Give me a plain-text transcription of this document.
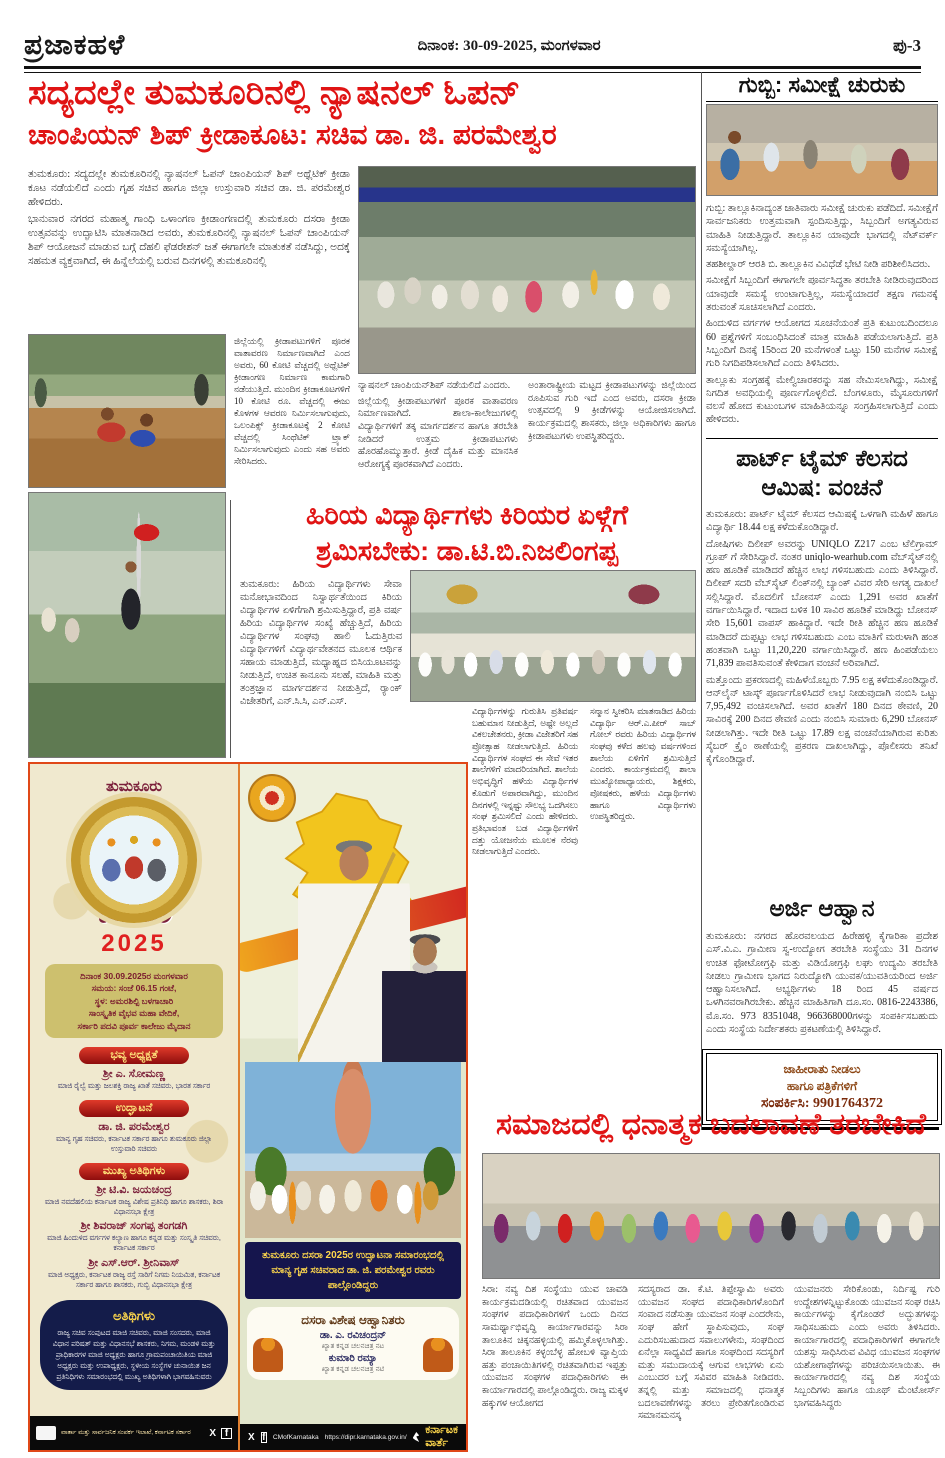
ಪ್ರಜಾಕಹಳೆ	ದಿನಾಂಕ: 30-09-2025, ಮಂಗಳವಾರ	ಪು-3
ಸದ್ಯದಲ್ಲೇ ತುಮಕೂರಿನಲ್ಲಿ ನ್ಯಾಷನಲ್ ಓಪನ್
ಚಾಂಪಿಯನ್ ಶಿಪ್ ಕ್ರೀಡಾಕೂಟ: ಸಚಿವ ಡಾ. ಜಿ. ಪರಮೇಶ್ವರ

ತುಮಕೂರು: ಸದ್ಯದಲ್ಲೇ ತುಮಕೂರಿನಲ್ಲಿ ನ್ಯಾಷನಲ್ ಓಪನ್ ಚಾಂಪಿಯನ್ ಶಿಪ್ ಅಥ್ಲೆಟಿಕ್ ಕ್ರೀಡಾ ಕೂಟ ನಡೆಯಲಿದೆ ಎಂದು ಗೃಹ ಸಚಿವ ಹಾಗೂ ಜಿಲ್ಲಾ ಉಸ್ತುವಾರಿ ಸಚಿವ ಡಾ. ಜಿ. ಪರಮೇಶ್ವರ ಹೇಳಿದರು.

ಭಾನುವಾರ ನಗರದ ಮಹಾತ್ಮ ಗಾಂಧಿ ಒಳಾಂಗಣ ಕ್ರೀಡಾಂಗಣದಲ್ಲಿ ತುಮಕೂರು ದಸರಾ ಕ್ರೀಡಾ ಉತ್ಸವವನ್ನು ಉದ್ಘಾಟಿಸಿ ಮಾತನಾಡಿದ ಅವರು, ತುಮಕೂರಿನಲ್ಲಿ ನ್ಯಾಷನಲ್ ಓಪನ್ ಚಾಂಪಿಯನ್ ಶಿಪ್ ಆಯೋಜನೆ ಮಾಡುವ ಬಗ್ಗೆ ದೆಹಲಿ ಫೆಡರೇಶನ್ ಜತೆ ಈಗಾಗಲೇ ಮಾತುಕತೆ ನಡೆಸಿದ್ದು, ಅದಕ್ಕೆ ಸಹಮತ ವ್ಯಕ್ತವಾಗಿದೆ, ಈ ಹಿನ್ನೆಲೆಯಲ್ಲಿ ಬರುವ ದಿನಗಳಲ್ಲಿ ತುಮಕೂರಿನಲ್ಲಿ

ನ್ಯಾಷನಲ್ ಚಾಂಪಿಯನ್‌ಶಿಪ್ ನಡೆಯಲಿದೆ ಎಂದರು.

ಜಿಲ್ಲೆಯಲ್ಲಿ ಕ್ರೀಡಾಪಟುಗಳಿಗೆ ಪೂರಕ ವಾತಾವರಣ ನಿರ್ಮಾಣವಾಗಿದೆ. ಶಾಲಾ-ಕಾಲೇಜುಗಳಲ್ಲಿ ವಿದ್ಯಾರ್ಥಿಗಳಿಗೆ ತಕ್ಕ ಮಾರ್ಗದರ್ಶನ ಹಾಗೂ ತರಬೇತಿ ನೀಡಿದರೆ ಉತ್ತಮ ಕ್ರೀಡಾಪಟುಗಳು ಹೊರಹೊಮ್ಮುತ್ತಾರೆ. ಕ್ರೀಡೆ ದೈಹಿಕ ಮತ್ತು ಮಾನಸಿಕ ಆರೋಗ್ಯಕ್ಕೆ ಪೂರಕವಾಗಿದೆ ಎಂದರು.

ಅಂತಾರಾಷ್ಟ್ರೀಯ ಮಟ್ಟದ ಕ್ರೀಡಾಪಟುಗಳನ್ನು ಜಿಲ್ಲೆಯಿಂದ ರೂಪಿಸುವ ಗುರಿ ಇದೆ ಎಂದ ಅವರು, ದಸರಾ ಕ್ರೀಡಾ ಉತ್ಸವದಲ್ಲಿ 9 ಕ್ರೀಡೆಗಳನ್ನು ಆಯೋಜಿಸಲಾಗಿದೆ. ಕಾರ್ಯಕ್ರಮದಲ್ಲಿ ಶಾಸಕರು, ಜಿಲ್ಲಾ ಅಧಿಕಾರಿಗಳು ಹಾಗೂ ಕ್ರೀಡಾಪಟುಗಳು ಉಪಸ್ಥಿತರಿದ್ದರು.

ಜಿಲ್ಲೆಯಲ್ಲಿ ಕ್ರೀಡಾಪಟುಗಳಿಗೆ ಪೂರಕ ವಾತಾವರಣ ನಿರ್ಮಾಣವಾಗಿದೆ ಎಂದ ಅವರು, 60 ಕೋಟಿ ವೆಚ್ಚದಲ್ಲಿ ಅಥ್ಲೆಟಿಕ್ ಕ್ರೀಡಾಂಗಣ ನಿರ್ಮಾಣ ಕಾಮಗಾರಿ ನಡೆಯುತ್ತಿದೆ. ಮುಂದಿನ ಕ್ರೀಡಾಕೂಟಗಳಿಗೆ 10 ಕೋಟಿ ರೂ. ವೆಚ್ಚದಲ್ಲಿ ಈಜು ಕೊಳಗಳ ಆವರಣ ನಿರ್ಮಿಸಲಾಗುವುದು, ಒಲಂಪಿಕ್ಸ್ ಕ್ರೀಡಾಕೂಟಕ್ಕೆ 2 ಕೋಟಿ ವೆಚ್ಚದಲ್ಲಿ ಸಿಂಥೆಟಿಕ್ ಟ್ರ್ಯಾಕ್ ನಿರ್ಮಿಸಲಾಗುವುದು ಎಂದು ಸಹ ಅವರು ಸೇರಿಸಿದರು.

ಹಿರಿಯ ವಿದ್ಯಾರ್ಥಿಗಳು ಕಿರಿಯರ ಏಳ್ಗೆಗೆ
ಶ್ರಮಿಸಬೇಕು: ಡಾ.ಟಿ.ಬಿ.ನಿಜಲಿಂಗಪ್ಪ

ತುಮಕೂರು: ಹಿರಿಯ ವಿದ್ಯಾರ್ಥಿಗಳು ಸೇವಾ ಮನೋಭಾವದಿಂದ ನಿಸ್ವಾರ್ಥತೆಯಿಂದ ಕಿರಿಯ ವಿದ್ಯಾರ್ಥಿಗಳ ಏಳಿಗೆಗಾಗಿ ಶ್ರಮಿಸುತ್ತಿದ್ದಾರೆ, ಪ್ರತಿ ವರ್ಷ ಹಿರಿಯ ವಿದ್ಯಾರ್ಥಿಗಳ ಸಂಖ್ಯೆ ಹೆಚ್ಚುತ್ತಿದೆ, ಹಿರಿಯ ವಿದ್ಯಾರ್ಥಿಗಳ ಸಂಘವು ಹಾಲಿ ಓದುತ್ತಿರುವ ವಿದ್ಯಾರ್ಥಿಗಳಿಗೆ ವಿದ್ಯಾರ್ಥವೇತನದ ಮೂಲಕ ಆರ್ಥಿಕ ಸಹಾಯ ಮಾಡುತ್ತಿದೆ, ಮಧ್ಯಾಹ್ನದ ಬಿಸಿಯೂಟವನ್ನು ನೀಡುತ್ತಿದೆ, ಉಚಿತ ಕಾನೂನು ಸಲಹೆ, ಮಾಹಿತಿ ಮತ್ತು ತಂತ್ರಜ್ಞಾನ ಮಾರ್ಗದರ್ಶನ ನೀಡುತ್ತಿದೆ, ರ‍್ಯಾಂಕ್ ವಿಜೇತರಿಗೆ, ಎನ್.ಸಿ.ಸಿ, ಎನ್.ಎಸ್.

ವಿದ್ಯಾರ್ಥಿಗಳನ್ನು ಗುರುತಿಸಿ ಪ್ರತಿವರ್ಷ ಬಹುಮಾನ ನೀಡುತ್ತಿದೆ, ಅಷ್ಟೇ ಅಲ್ಲದೆ ವಿಕಲಚೇತನರು, ಕ್ರೀಡಾ ವಿಜೇತರಿಗೆ ಸಹ ಪ್ರೋತ್ಸಾಹ ನೀಡಲಾಗುತ್ತಿದೆ. ಹಿರಿಯ ವಿದ್ಯಾರ್ಥಿಗಳ ಸಂಘದ ಈ ಸೇವೆ ಇತರ ಶಾಲೆಗಳಿಗೆ ಮಾದರಿಯಾಗಿದೆ. ಶಾಲೆಯ ಅಭಿವೃದ್ಧಿಗೆ ಹಳೆಯ ವಿದ್ಯಾರ್ಥಿಗಳ ಕೊಡುಗೆ ಅಪಾರವಾಗಿದ್ದು, ಮುಂದಿನ ದಿನಗಳಲ್ಲಿ ಇನ್ನಷ್ಟು ಸೌಲಭ್ಯ ಒದಗಿಸಲು ಸಂಘ ಶ್ರಮಿಸಲಿದೆ ಎಂದು ಹೇಳಿದರು. ಪ್ರತಿಭಾವಂತ ಬಡ ವಿದ್ಯಾರ್ಥಿಗಳಿಗೆ ದತ್ತು ಯೋಜನೆಯ ಮೂಲಕ ನೆರವು ನೀಡಲಾಗುತ್ತಿದೆ ಎಂದರು.

ಸನ್ಮಾನ ಸ್ವೀಕರಿಸಿ ಮಾತನಾಡಿದ ಹಿರಿಯ ವಿದ್ಯಾರ್ಥಿ ಆರ್.ಎ.ಪೀರ್ ಸಾಬ್ ಗೋಲ್ ರವರು ಹಿರಿಯ ವಿದ್ಯಾರ್ಥಿಗಳ ಸಂಘವು ಕಳೆದ ಹಲವು ವರ್ಷಗಳಿಂದ ಶಾಲೆಯ ಏಳಿಗೆಗೆ ಶ್ರಮಿಸುತ್ತಿದೆ ಎಂದರು. ಕಾರ್ಯಕ್ರಮದಲ್ಲಿ ಶಾಲಾ ಮುಖ್ಯೋಪಾಧ್ಯಾಯರು, ಶಿಕ್ಷಕರು, ಪೋಷಕರು, ಹಳೆಯ ವಿದ್ಯಾರ್ಥಿಗಳು ಹಾಗೂ ವಿದ್ಯಾರ್ಥಿಗಳು ಉಪಸ್ಥಿತರಿದ್ದರು.

ಗುಬ್ಬಿ: ಸಮೀಕ್ಷೆ ಚುರುಕು

ಗುಬ್ಬಿ: ತಾಲ್ಲೂಕಿನಾದ್ಯಂತ ಜಾತಿವಾರು ಸಮೀಕ್ಷೆ ಚುರುಕು ಪಡೆದಿದೆ. ಸಮೀಕ್ಷೆಗೆ ಸಾರ್ವಜನಿಕರು ಉತ್ತಮವಾಗಿ ಸ್ಪಂದಿಸುತ್ತಿದ್ದು, ಸಿಬ್ಬಂದಿಗೆ ಅಗತ್ಯವಿರುವ ಮಾಹಿತಿ ನೀಡುತ್ತಿದ್ದಾರೆ. ತಾಲ್ಲೂಕಿನ ಯಾವುದೇ ಭಾಗದಲ್ಲಿ ನೆಟ್‌ವರ್ಕ್ ಸಮಸ್ಯೆಯಾಗಿಲ್ಲ.

ತಹಶೀಲ್ದಾರ್ ಆರತಿ ಬಿ. ತಾಲ್ಲೂಕಿನ ವಿವಿಧೆಡೆ ಭೇಟಿ ನೀಡಿ ಪರಿಶೀಲಿಸಿದರು.

ಸಮೀಕ್ಷೆಗೆ ಸಿಬ್ಬಂದಿಗೆ ಈಗಾಗಲೇ ಪೂರ್ವಸಿದ್ಧತಾ ತರಬೇತಿ ನೀಡಿರುವುದರಿಂದ ಯಾವುದೇ ಸಮಸ್ಯೆ ಉಂಟಾಗುತ್ತಿಲ್ಲ, ಸಮಸ್ಯೆಯಾದರೆ ತಕ್ಷಣ ಗಮನಕ್ಕೆ ತರುವಂತೆ ಸೂಚಿಸಲಾಗಿದೆ ಎಂದರು.

ಹಿಂದುಳಿದ ವರ್ಗಗಳ ಆಯೋಗದ ಸೂಚನೆಯಂತೆ ಪ್ರತಿ ಕುಟುಂಬದಿಂದಲೂ 60 ಪ್ರಶ್ನೆಗಳಿಗೆ ಸಂಬಂಧಿಸಿದಂತೆ ಮಾತ್ರ ಮಾಹಿತಿ ಪಡೆಯಲಾಗುತ್ತಿದೆ. ಪ್ರತಿ ಸಿಬ್ಬಂದಿಗೆ ದಿನಕ್ಕೆ 15ರಿಂದ 20 ಮನೆಗಳಂತೆ ಒಟ್ಟು 150 ಮನೆಗಳ ಸಮೀಕ್ಷೆ ಗುರಿ ನಿಗದಿಪಡಿಸಲಾಗಿದೆ ಎಂದು ತಿಳಿಸಿದರು.

ತಾಲ್ಲೂಕು ಸಂಗ್ರಹಕ್ಕೆ ಮೇಲ್ವಿಚಾರಕರನ್ನು ಸಹ ನೇಮಿಸಲಾಗಿದ್ದು, ಸಮೀಕ್ಷೆ ನಿಗದಿತ ಅವಧಿಯಲ್ಲಿ ಪೂರ್ಣಗೊಳ್ಳಲಿದೆ. ಬೆಂಗಳೂರು, ಮೈಸೂರುಗಳಿಗೆ ವಲಸೆ ಹೋದ ಕುಟುಂಬಗಳ ಮಾಹಿತಿಯನ್ನೂ ಸಂಗ್ರಹಿಸಲಾಗುತ್ತಿದೆ ಎಂದು ಹೇಳಿದರು.

ಪಾರ್ಟ್ ಟೈಮ್ ಕೆಲಸದ
ಆಮಿಷ: ವಂಚನೆ

ತುಮಕೂರು: ಪಾರ್ಟ್ ಟೈಮ್ ಕೆಲಸದ ಆಮಿಷಕ್ಕೆ ಒಳಗಾಗಿ ಮಹಿಳೆ ಹಾಗೂ ವಿದ್ಯಾರ್ಥಿ 18.44 ಲಕ್ಷ ಕಳೆದುಕೊಂಡಿದ್ದಾರೆ.

ದೋಷಿಗಳು ದಿಲೀಪ್ ಅವರನ್ನು UNIQLO Z217 ಎಂಬ ಟೆಲಿಗ್ರಾಮ್ ಗ್ರೂಪ್ ಗೆ ಸೇರಿಸಿದ್ದಾರೆ. ನಂತರ uniqlo-wearhub.com ವೆಬ್‌ಸೈಟ್‌ನಲ್ಲಿ ಹಣ ಹೂಡಿಕೆ ಮಾಡಿದರೆ ಹೆಚ್ಚಿನ ಲಾಭ ಗಳಿಸಬಹುದು ಎಂದು ತಿಳಿಸಿದ್ದಾರೆ. ದಿಲೀಪ್ ಸದರಿ ವೆಬ್‌ಸೈಟ್ ಲಿಂಕ್‌ನಲ್ಲಿ ಬ್ಯಾಂಕ್ ವಿವರ ಸೇರಿ ಅಗತ್ಯ ದಾಖಲೆ ಸಲ್ಲಿಸಿದ್ದಾರೆ. ಮೊದಲಿಗೆ ಬೋನಸ್ ಎಂದು 1,291 ಅವರ ಖಾತೆಗೆ ವರ್ಗಾಯಿಸಿದ್ದಾರೆ. ಇದಾದ ಬಳಿಕ 10 ಸಾವಿರ ಹೂಡಿಕೆ ಮಾಡಿದ್ದು ಬೋನಸ್ ಸೇರಿ 15,601 ವಾಪಸ್ ಹಾಕಿದ್ದಾರೆ. ಇದೇ ರೀತಿ ಹೆಚ್ಚಿನ ಹಣ ಹೂಡಿಕೆ ಮಾಡಿದರೆ ದುಪ್ಪಟ್ಟು ಲಾಭ ಗಳಿಸಬಹುದು ಎಂಬ ಮಾತಿಗೆ ಮರುಳಾಗಿ ಹಂತ ಹಂತವಾಗಿ ಒಟ್ಟು 11,20,220 ವರ್ಗಾಯಿಸಿದ್ದಾರೆ. ಹಣ ಹಿಂಪಡೆಯಲು 71,839 ಪಾವತಿಸುವಂತೆ ಕೇಳಿದಾಗ ವಂಚನೆ ಅರಿವಾಗಿದೆ.

ಮತ್ತೊಂದು ಪ್ರಕರಣದಲ್ಲಿ ಮಹಿಳೆಯೊಬ್ಬರು 7.95 ಲಕ್ಷ ಕಳೆದುಕೊಂಡಿದ್ದಾರೆ. ಆನ್‌ಲೈನ್ ಟಾಸ್ಕ್ ಪೂರ್ಣಗೊಳಿಸಿದರೆ ಲಾಭ ನೀಡುವುದಾಗಿ ನಂಬಿಸಿ ಒಟ್ಟು 7,95,492 ವಂಚಿಸಲಾಗಿದೆ. ಅವರ ಖಾತೆಗೆ 180 ದಿನದ ಠೇವಣಿ, 20 ಸಾವಿರಕ್ಕೆ 200 ದಿನದ ಠೇವಣಿ ಎಂದು ನಂಬಿಸಿ ಸುಮಾರು 6,290 ಬೋನಸ್ ನೀಡಲಾಗಿತ್ತು. ಇದೇ ರೀತಿ ಒಟ್ಟು 17.89 ಲಕ್ಷ ವಂಚನೆಯಾಗಿರುವ ಕುರಿತು ಸೈಬರ್ ಕ್ರೈಂ ಠಾಣೆಯಲ್ಲಿ ಪ್ರಕರಣ ದಾಖಲಾಗಿದ್ದು, ಪೊಲೀಸರು ತನಿಖೆ ಕೈಗೊಂಡಿದ್ದಾರೆ.

ಅರ್ಜಿ ಆಹ್ವಾನ

ತುಮಕೂರು: ನಗರದ ಹೊರವಲಯದ ಹಿರೇಹಳ್ಳಿ ಕೈಗಾರಿಕಾ ಪ್ರದೇಶ ಎಸ್.ವಿ.ಎ. ಗ್ರಾಮೀಣ ಸ್ವ-ಉದ್ಯೋಗ ತರಬೇತಿ ಸಂಸ್ಥೆಯು 31 ದಿನಗಳ ಉಚಿತ ಫೋಟೋಗ್ರಫಿ ಮತ್ತು ವಿಡಿಯೋಗ್ರಫಿ ಲಘು ಉದ್ಯಮಿ ತರಬೇತಿ ನೀಡಲು ಗ್ರಾಮೀಣ ಭಾಗದ ನಿರುದ್ಯೋಗಿ ಯುವಕ/ಯುವತಿಯರಿಂದ ಅರ್ಜಿ ಆಹ್ವಾನಿಸಲಾಗಿದೆ. ಅಭ್ಯರ್ಥಿಗಳು 18 ರಿಂದ 45 ವರ್ಷದ ಒಳಗಿನವರಾಗಿರಬೇಕು. ಹೆಚ್ಚಿನ ಮಾಹಿತಿಗಾಗಿ ದೂ.ಸಂ. 0816-2243386, ಮೊ.ಸಂ. 973 8351048, 966368000ಗಳನ್ನು ಸಂಪರ್ಕಿಸಬಹುದು ಎಂದು ಸಂಸ್ಥೆಯ ನಿರ್ದೇಶಕರು ಪ್ರಕಟಣೆಯಲ್ಲಿ ತಿಳಿಸಿದ್ದಾರೆ.

ಜಾಹೀರಾತು ನೀಡಲು
ಹಾಗೂ ಪತ್ರಿಕೆಗಳಿಗೆ
ಸಂಪರ್ಕಿಸಿ: 9901764372
ಸಮಾಜದಲ್ಲಿ ಧನಾತ್ಮಕ ಬದಲಾವಣೆ ತರಬೇಕಿದೆ

ಸಿರಾ: ನವ್ಯ ದಿಶ ಸಂಸ್ಥೆಯು ಯುವ ಚಾವಡಿ ಕಾರ್ಯಕ್ರಮದಡಿಯಲ್ಲಿ ರಚಿತವಾದ ಯುವಜನ ಸಂಘಗಳ ಪದಾಧಿಕಾರಿಗಳಿಗೆ ಒಂದು ದಿನದ ಸಾಮರ್ಥ್ಯಾಭಿವೃದ್ಧಿ ಕಾರ್ಯಾಗಾರವನ್ನು ಸಿರಾ ತಾಲೂಕಿನ ಚಿಕ್ಕನಹಳ್ಳಿಯಲ್ಲಿ ಹಮ್ಮಿಕೊಳ್ಳಲಾಗಿತ್ತು. ಸಿರಾ ತಾಲೂಕಿನ ಕಳ್ಳಂಬೆಳ್ಳ ಹೋಬಳಿ ವ್ಯಾಪ್ತಿಯ ಹತ್ತು ಪಂಚಾಯಿತಿಗಳಲ್ಲಿ ರಚಿತವಾಗಿರುವ ಇಪ್ಪತ್ತು ಯುವಜನ ಸಂಘಗಳ ಪದಾಧಿಕಾರಿಗಳು ಈ ಕಾರ್ಯಾಗಾರದಲ್ಲಿ ಪಾಲ್ಗೊಂಡಿದ್ದರು. ರಾಜ್ಯ ಮಕ್ಕಳ ಹಕ್ಕುಗಳ ಆಯೋಗದ

ಸದಸ್ಯರಾದ ಡಾ. ಕೆ.ಟಿ. ತಿಪ್ಪೇಸ್ವಾಮಿ ಅವರು ಯುವಜನ ಸಂಘದ ಪದಾಧಿಕಾರಿಗಳೊಂದಿಗೆ ಸಂವಾದ ನಡೆಸುತ್ತಾ ಯುವಜನ ಸಂಘ ಎಂದರೇನು, ಸಂಘ ಹೇಗೆ ಸ್ಥಾಪಿಸುವುದು, ಸಂಘ ಎದುರಿಸಬಹುದಾದ ಸವಾಲುಗಳೇನು, ಸಂಘದಿಂದ ಏನೆಲ್ಲಾ ಸಾಧ್ಯವಿದೆ ಹಾಗೂ ಸಂಘದಿಂದ ಸದಸ್ಯರಿಗೆ ಮತ್ತು ಸಮುದಾಯಕ್ಕೆ ಆಗುವ ಲಾಭಗಳು ಏನು ಎಂಬುದರ ಬಗ್ಗೆ ಸವಿವರ ಮಾಹಿತಿ ನೀಡಿದರು. ತನ್ನಲ್ಲಿ ಮತ್ತು ಸಮಾಜದಲ್ಲಿ ಧನಾತ್ಮಕ ಬದಲಾವಣೆಗಳನ್ನು ತರಲು ಪ್ರೇರಿತಗೊಂಡಿರುವ ಸಮಾನಮನಸ್ಕ

ಯುವಜನರು ಸೇರಿಕೊಂಡು, ನಿರ್ದಿಷ್ಟ ಗುರಿ ಉದ್ದೇಶಗಳನ್ನಿಟ್ಟುಕೊಂಡು ಯುವಜನ ಸಂಘ ರಚಿಸಿ ಕಾರ್ಯಗಳನ್ನು ಕೈಗೊಂಡರೆ ಅದ್ಭುತಗಳನ್ನು ಸಾಧಿಸಬಹುದು ಎಂದು ಅವರು ತಿಳಿಸಿದರು. ಕಾರ್ಯಾಗಾರದಲ್ಲಿ ಪದಾಧಿಕಾರಿಗಳಿಗೆ ಈಗಾಗಲೇ ಯಶಸ್ಸು ಸಾಧಿಸಿರುವ ವಿವಿಧ ಯುವಜನ ಸಂಘಗಳ ಯಶೋಗಾಥೆಗಳನ್ನು ಪರಿಚಯಿಸಲಾಯಿತು. ಈ ಕಾರ್ಯಾಗಾರದಲ್ಲಿ ನವ್ಯ ದಿಶ ಸಂಸ್ಥೆಯ ಸಿಬ್ಬಂದಿಗಳು ಹಾಗೂ ಯೂಥ್ ಮೆಂಟೋರ್ಸ್ ಭಾಗವಹಿಸಿದ್ದರು

ತುಮಕೂರು
2025
ದಿನಾಂಕ 30.09.2025ರ ಮಂಗಳವಾರ
ಸಮಯ: ಸಂಜೆ 06.15 ಗಂಟೆ,
ಸ್ಥಳ: ಅಮರಶಿಲ್ಪಿ ಬಳಗಾಚಾರಿ
ಸಾಂಸ್ಕೃತಿಕ ವೈಭವ ಮಹಾ ವೇದಿಕೆ,
ಸರ್ಕಾರಿ ಪದವಿ ಪೂರ್ವ ಕಾಲೇಜು ಮೈದಾನ
ಭವ್ಯ ಅಧ್ಯಕ್ಷತೆ
ಶ್ರೀ ಎ. ಸೋಮಣ್ಣ
ಮಾಜಿ ರೈಲ್ವೆ ಮತ್ತು ಜಲಶಕ್ತಿ ರಾಜ್ಯ ಖಾತೆ ಸಚಿವರು, ಭಾರತ ಸರ್ಕಾರ
ಉದ್ಘಾಟನೆ
ಡಾ. ಜಿ. ಪರಮೇಶ್ವರ
ಮಾನ್ಯ ಗೃಹ ಸಚಿವರು, ಕರ್ನಾಟಕ ಸರ್ಕಾರ ಹಾಗೂ ತುಮಕೂರು ಜಿಲ್ಲಾ ಉಸ್ತುವಾರಿ ಸಚಿವರು
ಮುಖ್ಯ ಅತಿಥಿಗಳು
ಶ್ರೀ ಟಿ.ವಿ. ಜಯಚಂದ್ರ
ಮಾಜಿ ನವದೆಹಲಿಯ ಕರ್ನಾಟಕ ರಾಜ್ಯ ವಿಶೇಷ ಪ್ರತಿನಿಧಿ ಹಾಗೂ ಶಾಸಕರು, ಶಿರಾ ವಿಧಾನಸಭಾ ಕ್ಷೇತ್ರ
ಶ್ರೀ ಶಿವರಾಜ್ ಸಂಗಪ್ಪ ತಂಗಡಗಿ
ಮಾಜಿ ಹಿಂದುಳಿದ ವರ್ಗಗಳ ಕಲ್ಯಾಣ ಹಾಗೂ ಕನ್ನಡ ಮತ್ತು ಸಂಸ್ಕೃತಿ ಸಚಿವರು, ಕರ್ನಾಟಕ ಸರ್ಕಾರ
ಶ್ರೀ ಎಸ್.ಆರ್. ಶ್ರೀನಿವಾಸ್
ಮಾಜಿ ಅಧ್ಯಕ್ಷರು, ಕರ್ನಾಟಕ ರಾಜ್ಯ ರಸ್ತೆ ಸಾರಿಗೆ ನಿಗಮ ನಿಯಮಿತ, ಕರ್ನಾಟಕ ಸರ್ಕಾರ ಹಾಗೂ ಶಾಸಕರು, ಗುಬ್ಬಿ ವಿಧಾನಸಭಾ ಕ್ಷೇತ್ರ
ಅತಿಥಿಗಳು
ರಾಜ್ಯ ಸಚಿವ ಸಂಪುಟದ ಮಾಜಿ ಸಚಿವರು, ಮಾಜಿ ಸಂಸದರು, ಮಾಜಿ ವಿಧಾನ ಪರಿಷತ್ ಮತ್ತು ವಿಧಾನಸಭೆ ಶಾಸಕರು, ನಿಗಮ, ಮಂಡಳಿ ಮತ್ತು ಪ್ರಾಧಿಕಾರಗಳ ಮಾಜಿ ಅಧ್ಯಕ್ಷರು ಹಾಗೂ ಗ್ರಾಮಪಂಚಾಯಿತಿಯ ಮಾಜಿ ಅಧ್ಯಕ್ಷರು ಮತ್ತು ಉಪಾಧ್ಯಕ್ಷರು, ಸ್ಥಳೀಯ ಸಂಸ್ಥೆಗಳ ಚುನಾಯಿತ ಜನ ಪ್ರತಿನಿಧಿಗಳು ಸಮಾರಂಭದಲ್ಲಿ ಮುಖ್ಯ ಅತಿಥಿಗಳಾಗಿ ಭಾಗವಹಿಸುವರು
ವಾರ್ತಾ ಮತ್ತು ಸಾರ್ವಜನಿಕ ಸಂಪರ್ಕ ಇಲಾಖೆ, ಕರ್ನಾಟಕ ಸರ್ಕಾರ	X f
ತುಮಕೂರು ದಸರಾ 2025ರ ಉದ್ಘಾಟನಾ ಸಮಾರಂಭದಲ್ಲಿ ಮಾನ್ಯ ಗೃಹ ಸಚಿವರಾದ ಡಾ. ಜಿ. ಪರಮೇಶ್ವರ ರವರು ಪಾಲ್ಗೊಂಡಿದ್ದರು
ದಸರಾ ವಿಶೇಷ ಆಹ್ವಾನಿತರು
ಡಾ. ಎ. ರವಿಚಂದ್ರನ್
ಖ್ಯಾತ ಕನ್ನಡ ಚಲನಚಿತ್ರ ನಟ
ಕುಮಾರಿ ರಮ್ಯಾ
ಖ್ಯಾತ ಕನ್ನಡ ಚಲನಚಿತ್ರ ನಟಿ
X f CMofKarnataka https://dipr.karnataka.gov.in/
ಕರ್ನಾಟಕ ವಾರ್ತೆ
